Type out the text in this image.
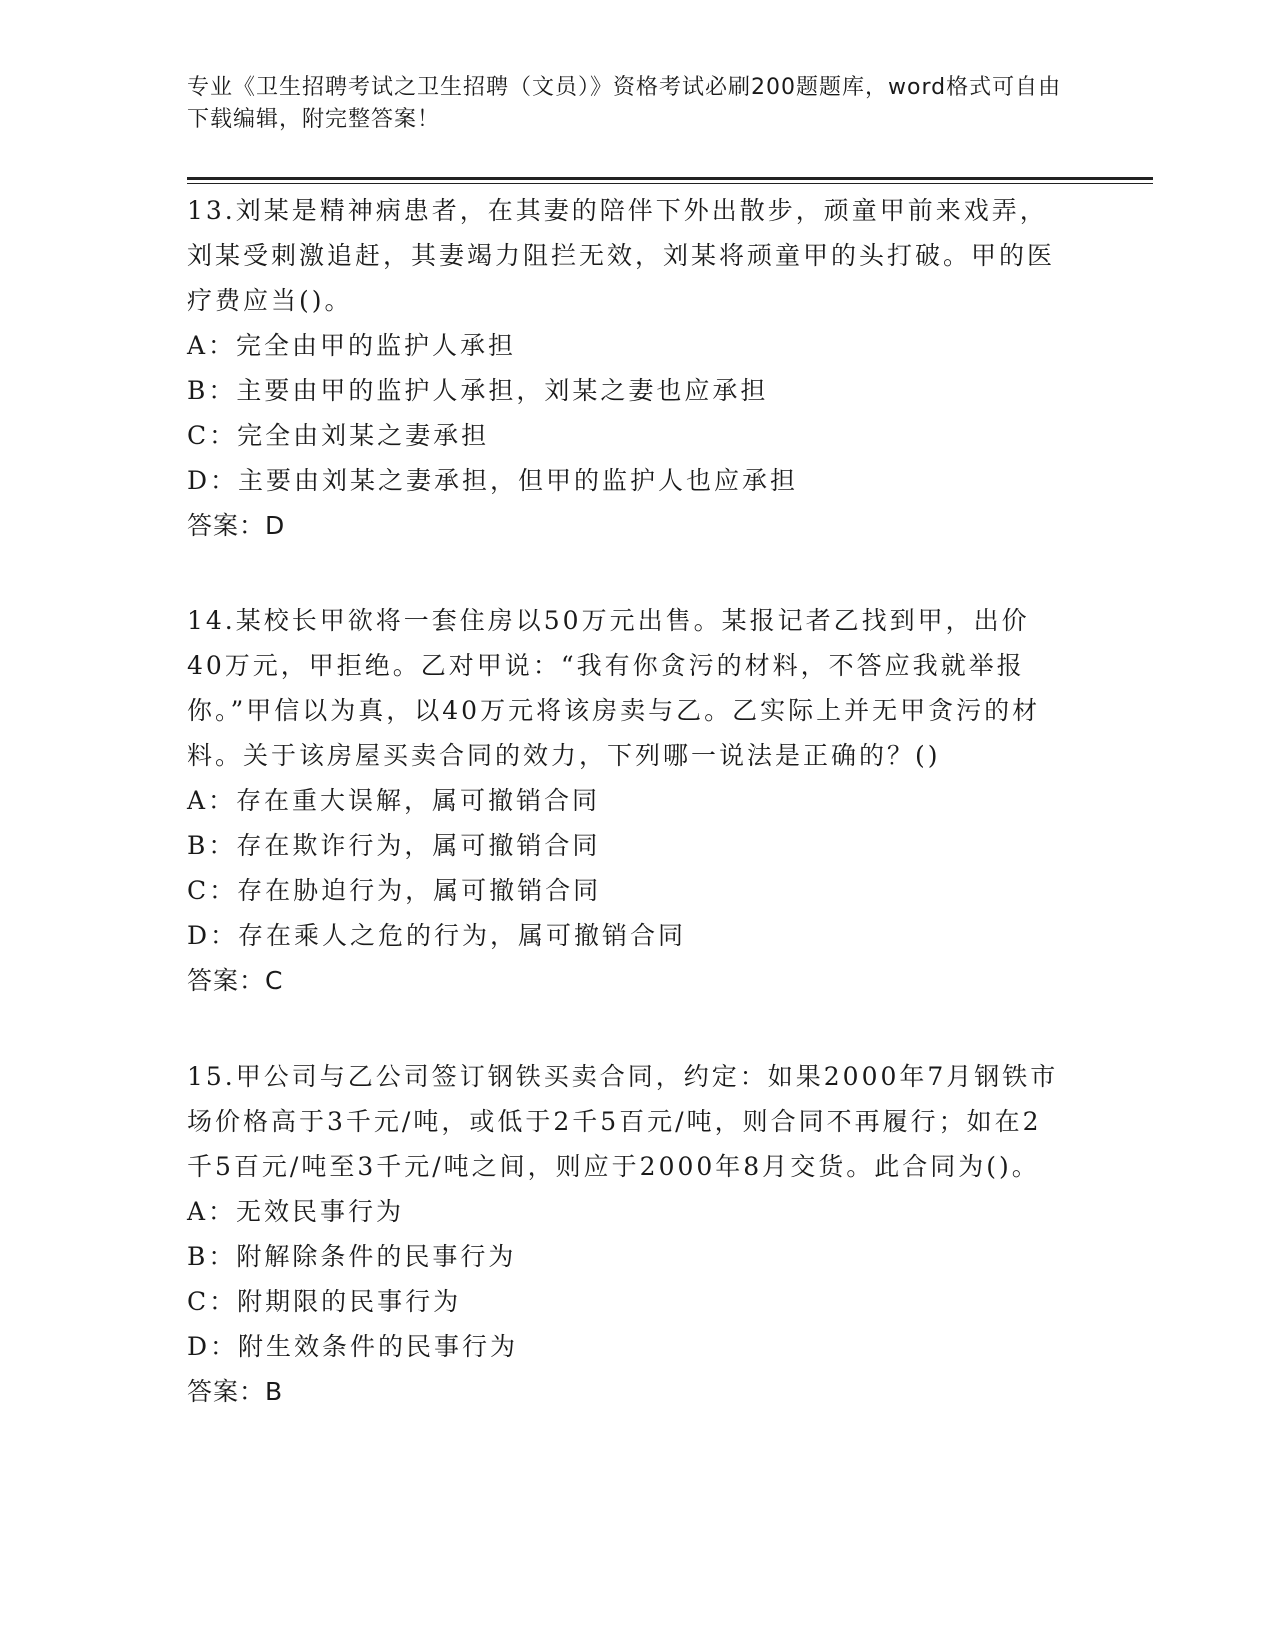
专业《卫生招聘考试之卫生招聘（文员）》资格考试必刷200题题库，word格式可自由下载编辑，附完整答案！
13.刘某是精神病患者，在其妻的陪伴下外出散步，顽童甲前来戏弄，刘某受刺激追赶，其妻竭力阻拦无效，刘某将顽童甲的头打破。甲的医疗费应当()。
A：完全由甲的监护人承担
B：主要由甲的监护人承担，刘某之妻也应承担
C：完全由刘某之妻承担
D：主要由刘某之妻承担，但甲的监护人也应承担
答案：D
14.某校长甲欲将一套住房以50万元出售。某报记者乙找到甲，出价40万元，甲拒绝。乙对甲说：“我有你贪污的材料，不答应我就举报你。”甲信以为真，以40万元将该房卖与乙。乙实际上并无甲贪污的材料。关于该房屋买卖合同的效力，下列哪一说法是正确的？()
A：存在重大误解，属可撤销合同
B：存在欺诈行为，属可撤销合同
C：存在胁迫行为，属可撤销合同
D：存在乘人之危的行为，属可撤销合同
答案：C
15.甲公司与乙公司签订钢铁买卖合同，约定：如果2000年7月钢铁市场价格高于3千元/吨，或低于2千5百元/吨，则合同不再履行；如在2千5百元/吨至3千元/吨之间，则应于2000年8月交货。此合同为()。
A：无效民事行为
B：附解除条件的民事行为
C：附期限的民事行为
D：附生效条件的民事行为
答案：B
